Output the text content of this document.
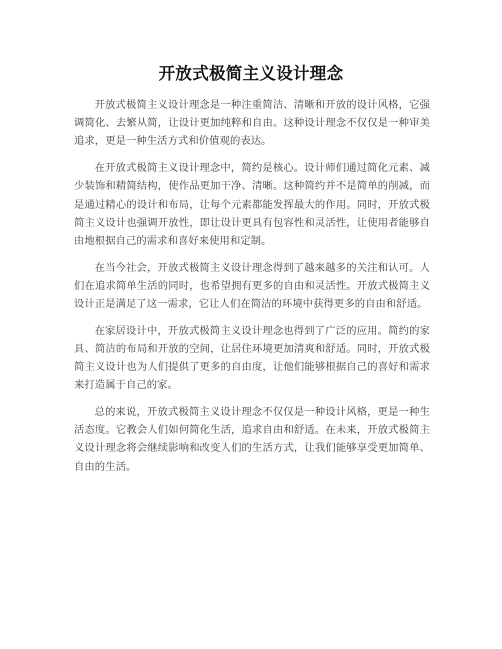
开放式极简主义设计理念

开放式极简主义设计理念是一种注重简洁、清晰和开放的设计风格，它强调简化、去繁从简，让设计更加纯粹和自由。这种设计理念不仅仅是一种审美追求，更是一种生活方式和价值观的表达。

在开放式极简主义设计理念中，简约是核心。设计师们通过简化元素、减少装饰和精简结构，使作品更加干净、清晰。这种简约并不是简单的削减，而是通过精心的设计和布局，让每个元素都能发挥最大的作用。同时，开放式极简主义设计也强调开放性，即让设计更具有包容性和灵活性，让使用者能够自由地根据自己的需求和喜好来使用和定制。

在当今社会，开放式极简主义设计理念得到了越来越多的关注和认可。人们在追求简单生活的同时，也希望拥有更多的自由和灵活性。开放式极简主义设计正是满足了这一需求，它让人们在简洁的环境中获得更多的自由和舒适。

在家居设计中，开放式极简主义设计理念也得到了广泛的应用。简约的家具、简洁的布局和开放的空间，让居住环境更加清爽和舒适。同时，开放式极简主义设计也为人们提供了更多的自由度，让他们能够根据自己的喜好和需求来打造属于自己的家。

总的来说，开放式极简主义设计理念不仅仅是一种设计风格，更是一种生活态度。它教会人们如何简化生活，追求自由和舒适。在未来，开放式极简主义设计理念将会继续影响和改变人们的生活方式，让我们能够享受更加简单、自由的生活。
